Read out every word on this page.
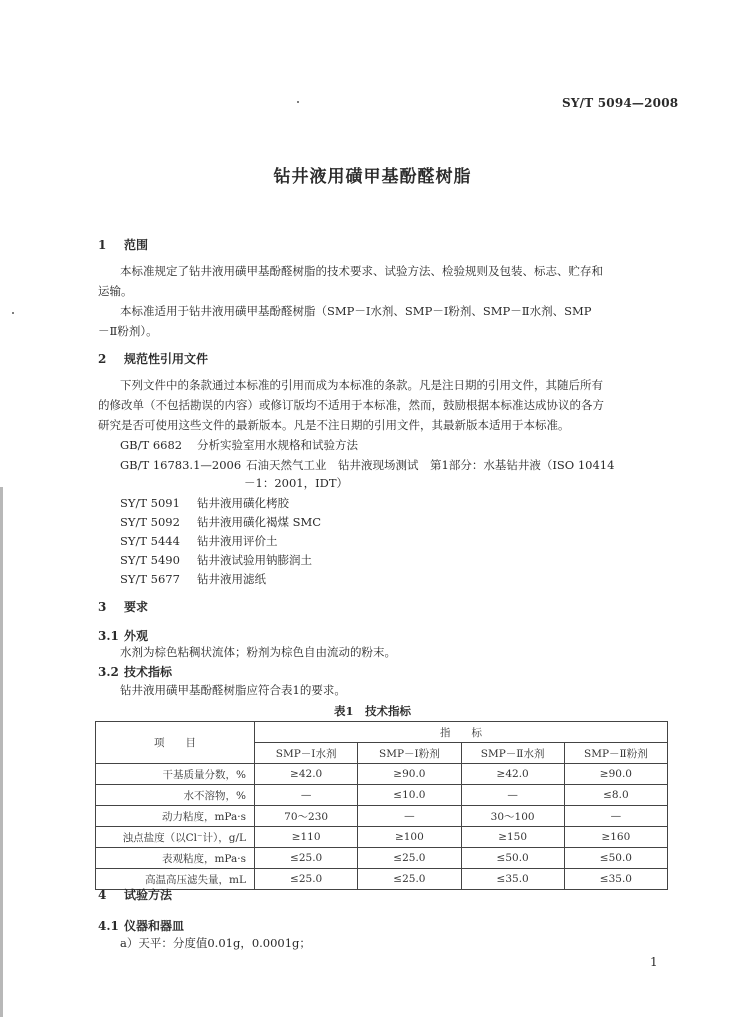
SY/T 5094—2008
钻井液用磺甲基酚醛树脂
1 范围
本标准规定了钻井液用磺甲基酚醛树脂的技术要求、试验方法、检验规则及包装、标志、贮存和
运输。
本标准适用于钻井液用磺甲基酚醛树脂（SMP－Ⅰ水剂、SMP－Ⅰ粉剂、SMP－Ⅱ水剂、SMP
－Ⅱ粉剂）。
2 规范性引用文件
下列文件中的条款通过本标准的引用而成为本标准的条款。凡是注日期的引用文件，其随后所有
的修改单（不包括勘误的内容）或修订版均不适用于本标准，然而，鼓励根据本标准达成协议的各方
研究是否可使用这些文件的最新版本。凡是不注日期的引用文件，其最新版本适用于本标准。
GB/T 6682 分析实验室用水规格和试验方法
GB/T 16783.1—2006 石油天然气工业　钻井液现场测试　第1部分：水基钻井液（ISO 10414
－1：2001，IDT）
SY/T 5091 钻井液用磺化栲胶
SY/T 5092 钻井液用磺化褐煤 SMC
SY/T 5444 钻井液用评价土
SY/T 5490 钻井液试验用钠膨润土
SY/T 5677 钻井液用滤纸
3 要求
3.1 外观
水剂为棕色粘稠状流体；粉剂为棕色自由流动的粉末。
3.2 技术指标
钻井液用磺甲基酚醛树脂应符合表1的要求。
表1　技术指标
项　　目	指　　标			
	SMP－Ⅰ水剂	SMP－Ⅰ粉剂	SMP－Ⅱ水剂	SMP－Ⅱ粉剂
干基质量分数，%	≥42.0	≥90.0	≥42.0	≥90.0
水不溶物，%	—	≤10.0	—	≤8.0
动力粘度，mPa·s	70～230	—	30～100	—
浊点盐度（以Cl⁻计），g/L	≥110	≥100	≥150	≥160
表观粘度，mPa·s	≤25.0	≤25.0	≤50.0	≤50.0
高温高压滤失量，mL	≤25.0	≤25.0	≤35.0	≤35.0
4 试验方法
4.1 仪器和器皿
a）天平：分度值0.01g，0.0001g；
1
